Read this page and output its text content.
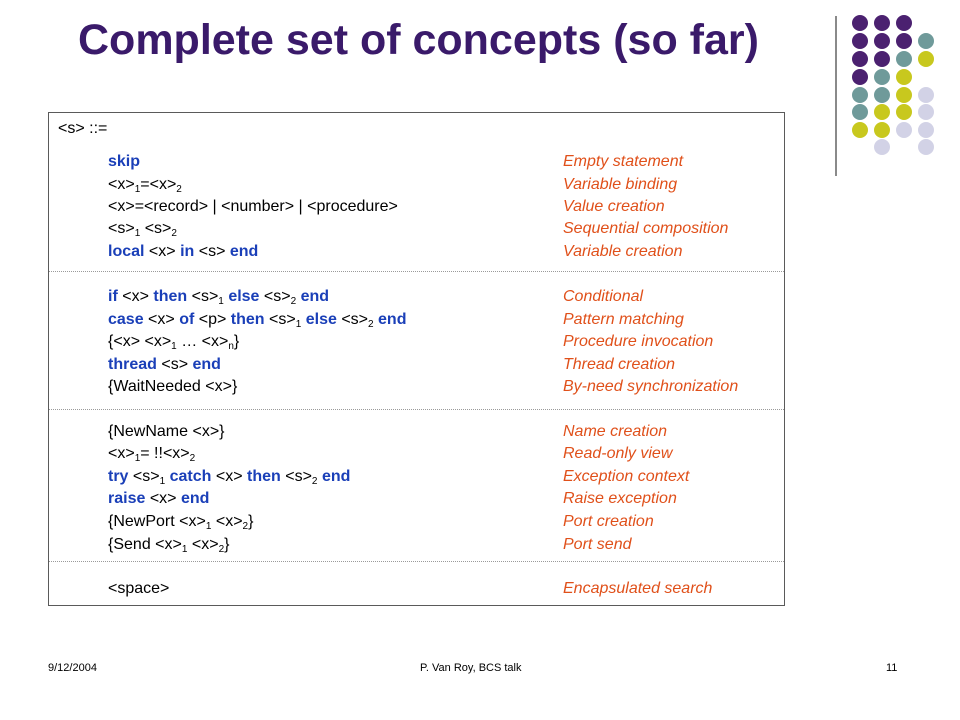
Complete set of concepts (so far)
<s> ::=
skip	Empty statement
$<x>_1=<x>_2$	Variable binding
<x>=<record> | <number> | <procedure>	Value creation
$<s>_1 <s>_2$	Sequential composition
local <x> in <s> end	Variable creation
if <x> then $<s>_1$ else $<s>_2$ end	Conditional
case <x> of <p> then $<s>_1$ else $<s>_2$ end	Pattern matching
{$<x> <x>_1$ … $<x>_n$}	Procedure invocation
thread <s> end	Thread creation
{WaitNeeded <x>}	By-need synchronization
{NewName <x>}	Name creation
$<x>_1= !!<x>_2$	Read-only view
try $<s>_1$ catch <x> then $<s>_2$ end	Exception context
raise <x> end	Raise exception
{NewPort $<x>_1 <x>_2$}	Port creation
{Send $<x>_1 <x>_2$}	Port send
<space>	Encapsulated search
9/12/2004	P. Van Roy, BCS talk	11
